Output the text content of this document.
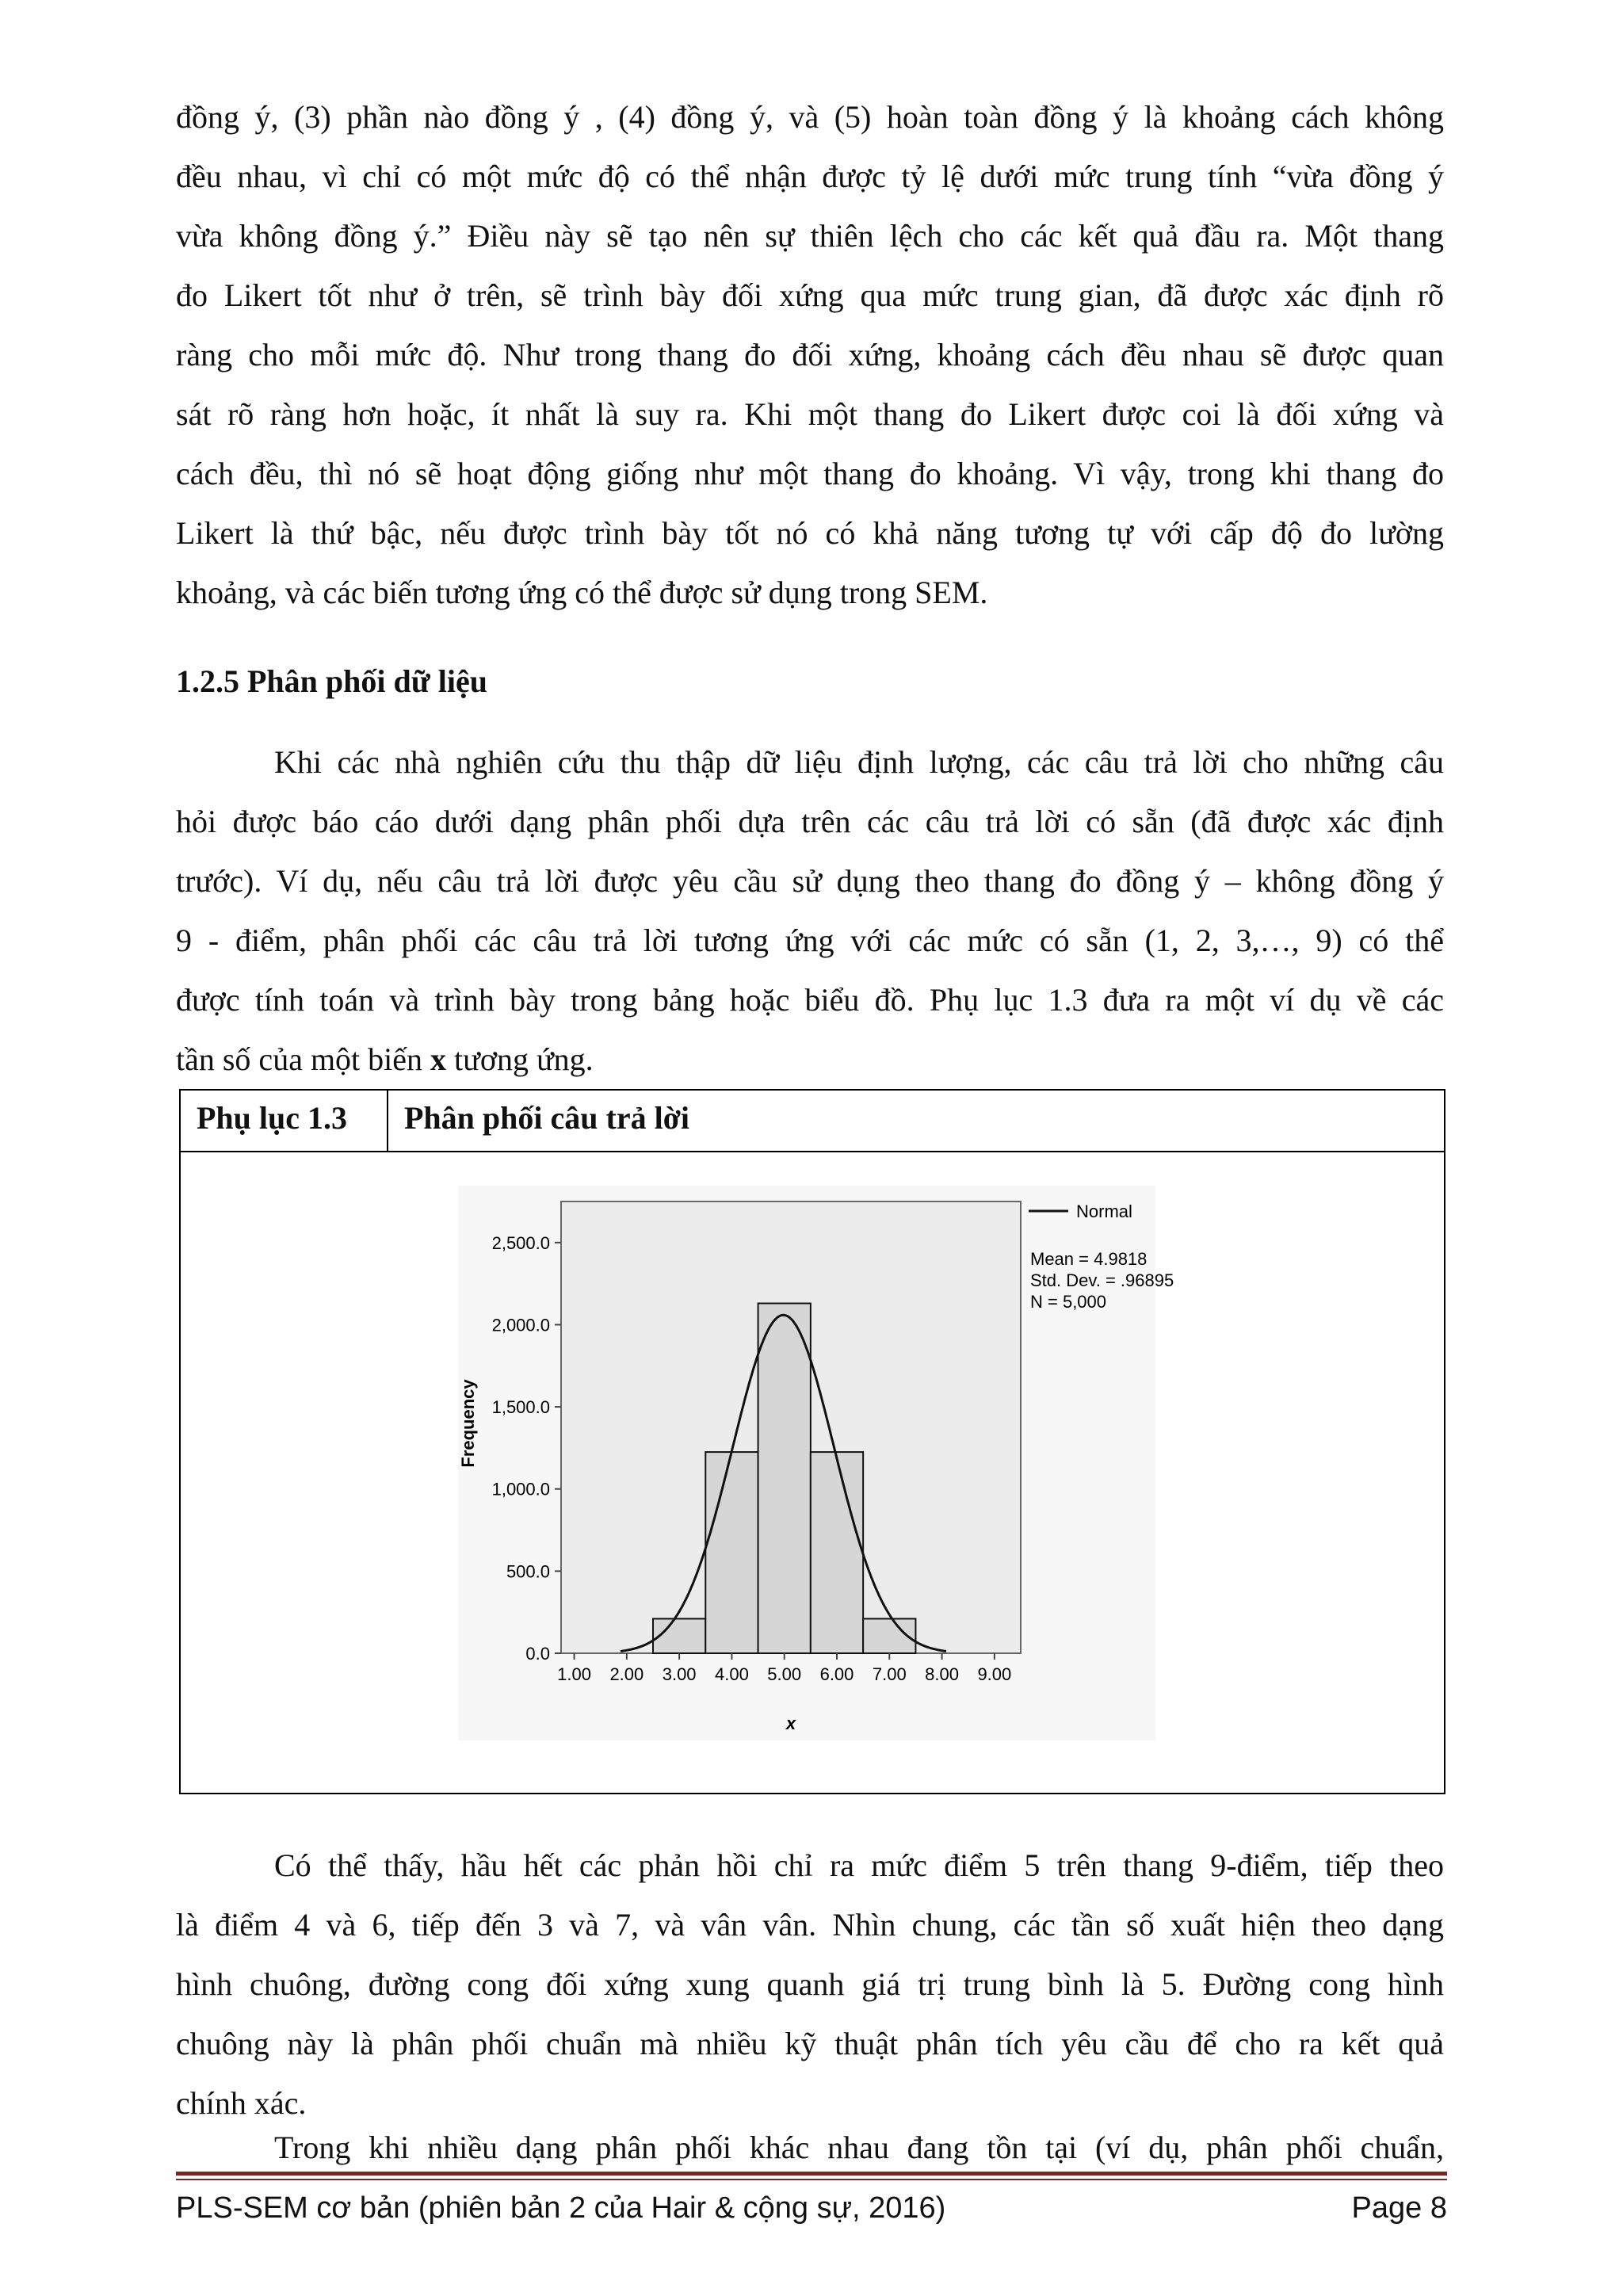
đồng ý, (3) phần nào đồng ý , (4) đồng ý, và (5) hoàn toàn đồng ý là khoảng cách không
đều nhau, vì chỉ có một mức độ có thể nhận được tỷ lệ dưới mức trung tính “vừa đồng ý
vừa không đồng ý.” Điều này sẽ tạo nên sự thiên lệch cho các kết quả đầu ra. Một thang
đo Likert tốt như ở trên, sẽ trình bày đối xứng qua mức trung gian, đã được xác định rõ
ràng cho mỗi mức độ. Như trong thang đo đối xứng, khoảng cách đều nhau sẽ được quan
sát rõ ràng hơn hoặc, ít nhất là suy ra. Khi một thang đo Likert được coi là đối xứng và
cách đều, thì nó sẽ hoạt động giống như một thang đo khoảng. Vì vậy, trong khi thang đo
Likert là thứ bậc, nếu được trình bày tốt nó có khả năng tương tự với cấp độ đo lường
khoảng, và các biến tương ứng có thể được sử dụng trong SEM.
1.2.5 Phân phối dữ liệu
Khi các nhà nghiên cứu thu thập dữ liệu định lượng, các câu trả lời cho những câu
hỏi được báo cáo dưới dạng phân phối dựa trên các câu trả lời có sẵn (đã được xác định
trước). Ví dụ, nếu câu trả lời được yêu cầu sử dụng theo thang đo đồng ý – không đồng ý
9 - điểm, phân phối các câu trả lời tương ứng với các mức có sẵn (1, 2, 3,…, 9) có thể
được tính toán và trình bày trong bảng hoặc biểu đồ. Phụ lục 1.3 đưa ra một ví dụ về các
tần số của một biến x tương ứng.
Phụ lục 1.3	Phân phối câu trả lời
0.0
500.0
1,000.0
1,500.0
2,000.0
2,500.0
1.00 2.00 3.00 4.00 5.00 6.00 7.00 8.00 9.00
Frequency
x
Normal
Mean = 4.9818
Std. Dev. = .96895
N = 5,000
Có thể thấy, hầu hết các phản hồi chỉ ra mức điểm 5 trên thang 9-điểm, tiếp theo
là điểm 4 và 6, tiếp đến 3 và 7, và vân vân. Nhìn chung, các tần số xuất hiện theo dạng
hình chuông, đường cong đối xứng xung quanh giá trị trung bình là 5. Đường cong hình
chuông này là phân phối chuẩn mà nhiều kỹ thuật phân tích yêu cầu để cho ra kết quả
chính xác.
Trong khi nhiều dạng phân phối khác nhau đang tồn tại (ví dụ, phân phối chuẩn,
PLS-SEM cơ bản (phiên bản 2 của Hair & cộng sự, 2016)	Page 8
